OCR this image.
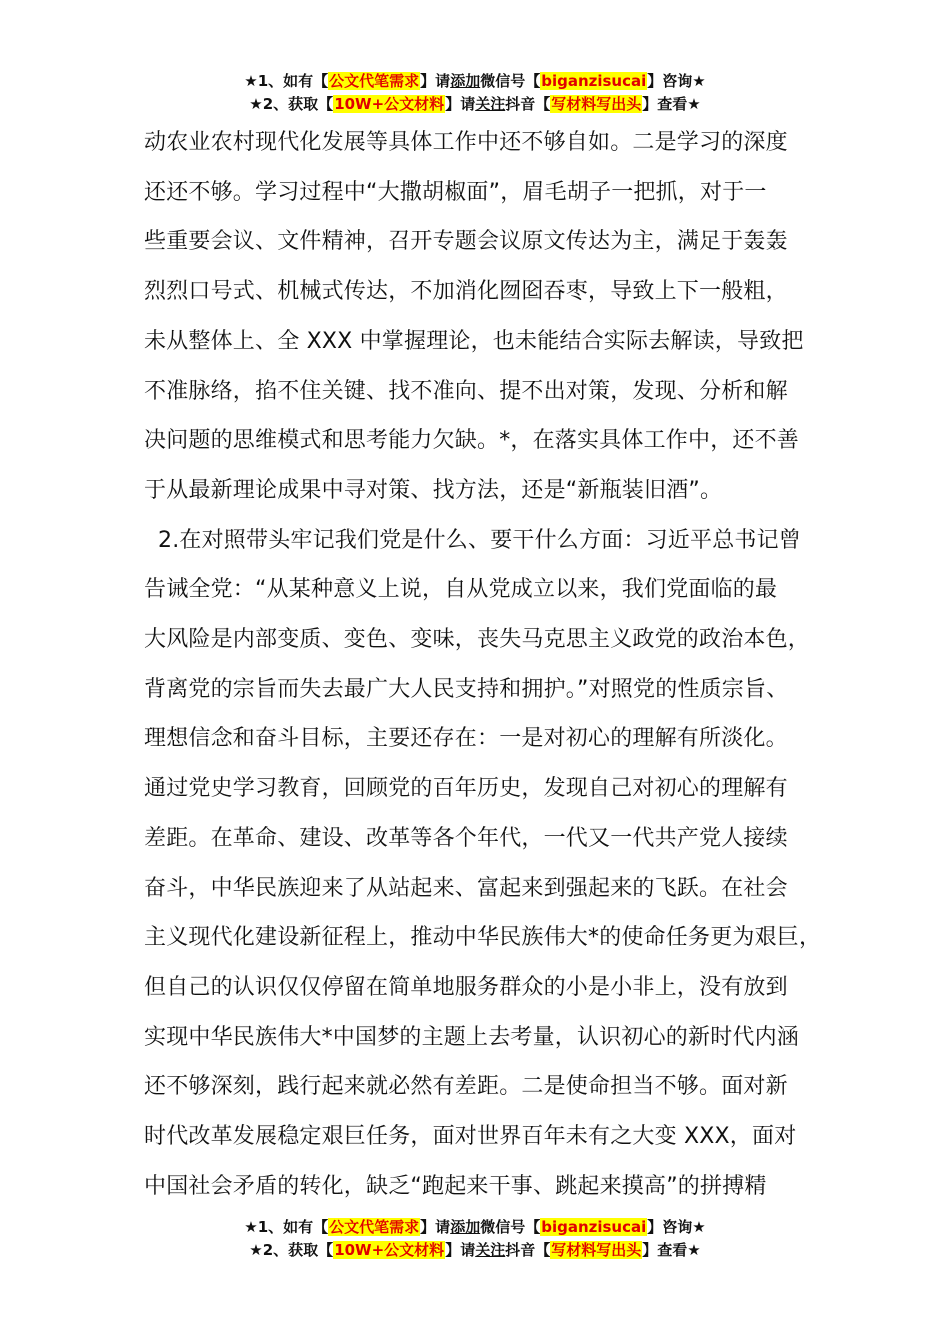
★1、如有【公文代笔需求】请添加微信号【biganzisucai】咨询★
★2、获取【10W+公文材料】请关注抖音【写材料写出头】查看★

动农业农村现代化发展等具体工作中还不够自如。二是学习的深度

还还不够。学习过程中“大撒胡椒面”，眉毛胡子一把抓，对于一

些重要会议、文件精神，召开专题会议原文传达为主，满足于轰轰

烈烈口号式、机械式传达，不加消化囫囵吞枣，导致上下一般粗，

未从整体上、全 XXX 中掌握理论，也未能结合实际去解读，导致把

不准脉络，掐不住关键、找不准向、提不出对策，发现、分析和解

决问题的思维模式和思考能力欠缺。*，在落实具体工作中，还不善

于从最新理论成果中寻对策、找方法，还是“新瓶装旧酒”。

2.在对照带头牢记我们党是什么、要干什么方面：习近平总书记曾

告诫全党：“从某种意义上说，自从党成立以来，我们党面临的最

大风险是内部变质、变色、变味，丧失马克思主义政党的政治本色，

背离党的宗旨而失去最广大人民支持和拥护。”对照党的性质宗旨、

理想信念和奋斗目标，主要还存在：一是对初心的理解有所淡化。

通过党史学习教育，回顾党的百年历史，发现自己对初心的理解有

差距。在革命、建设、改革等各个年代，一代又一代共产党人接续

奋斗，中华民族迎来了从站起来、富起来到强起来的飞跃。在社会

主义现代化建设新征程上，推动中华民族伟大*的使命任务更为艰巨，

但自己的认识仅仅停留在简单地服务群众的小是小非上，没有放到

实现中华民族伟大*中国梦的主题上去考量，认识初心的新时代内涵

还不够深刻，践行起来就必然有差距。二是使命担当不够。面对新

时代改革发展稳定艰巨任务，面对世界百年未有之大变 XXX，面对

中国社会矛盾的转化，缺乏“跑起来干事、跳起来摸高”的拼搏精

★1、如有【公文代笔需求】请添加微信号【biganzisucai】咨询★
★2、获取【10W+公文材料】请关注抖音【写材料写出头】查看★
